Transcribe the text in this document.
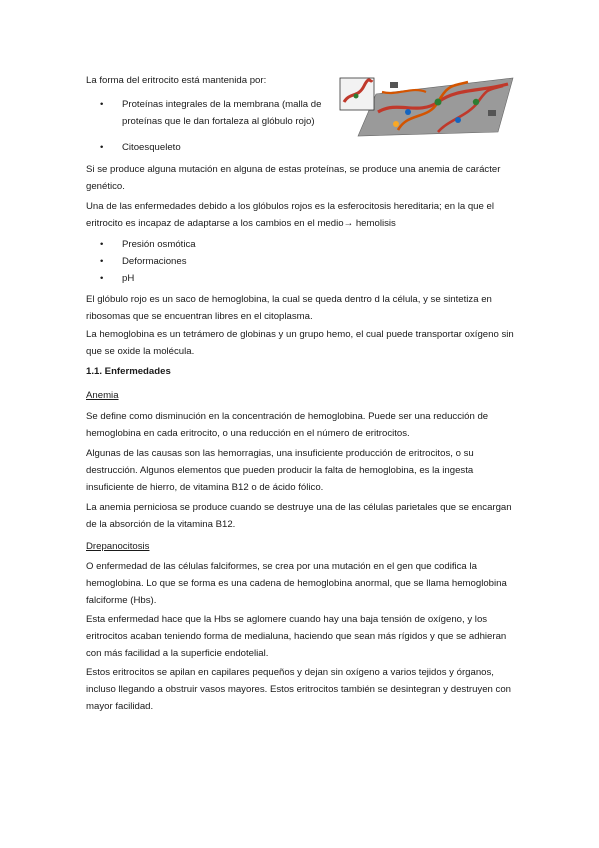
La forma del eritrocito está mantenida por:

•	Proteínas integrales de la membrana (malla de proteínas que le dan fortaleza al glóbulo rojo)

•	Citoesqueleto

Si se produce alguna mutación en alguna de estas proteínas, se produce una anemia de carácter genético.

Una de las enfermedades debido a los glóbulos rojos es la esferocitosis hereditaria; en la que el eritrocito es incapaz de adaptarse a los cambios en el medio→ hemolisis

•	Presión osmótica

•	Deformaciones

•	pH

El glóbulo rojo es un saco de hemoglobina, la cual se queda dentro d la célula, y se sintetiza en ribosomas que se encuentran libres en el citoplasma.

La hemoglobina es un tetrámero de globinas y un grupo hemo, el cual puede transportar oxígeno sin que se oxide la molécula.

1.1. Enfermedades

Anemia

Se define como disminución en la concentración de hemoglobina. Puede ser una reducción de hemoglobina en cada eritrocito, o una reducción en el número de eritrocitos.

Algunas de las causas son las hemorragias, una insuficiente producción de eritrocitos, o su destrucción. Algunos elementos que pueden producir la falta de hemoglobina, es la ingesta insuficiente de hierro, de vitamina B12 o de ácido fólico.

La anemia perniciosa se produce cuando se destruye una de las células parietales que se encargan de la absorción de la vitamina B12.

Drepanocitosis

O enfermedad de las células falciformes, se crea por una mutación en el gen que codifica la hemoglobina. Lo que se forma es una cadena de hemoglobina anormal, que se llama hemoglobina falciforme (Hbs).

Esta enfermedad hace que la Hbs se aglomere cuando hay una baja tensión de oxígeno, y los eritrocitos acaban teniendo forma de medialuna, haciendo que sean más rígidos y que se adhieran con más facilidad a la superficie endotelial.

Estos eritrocitos se apilan en capilares pequeños y dejan sin oxígeno a varios tejidos y órganos, incluso llegando a obstruir vasos mayores. Estos eritrocitos también se desintegran y destruyen con mayor facilidad.
